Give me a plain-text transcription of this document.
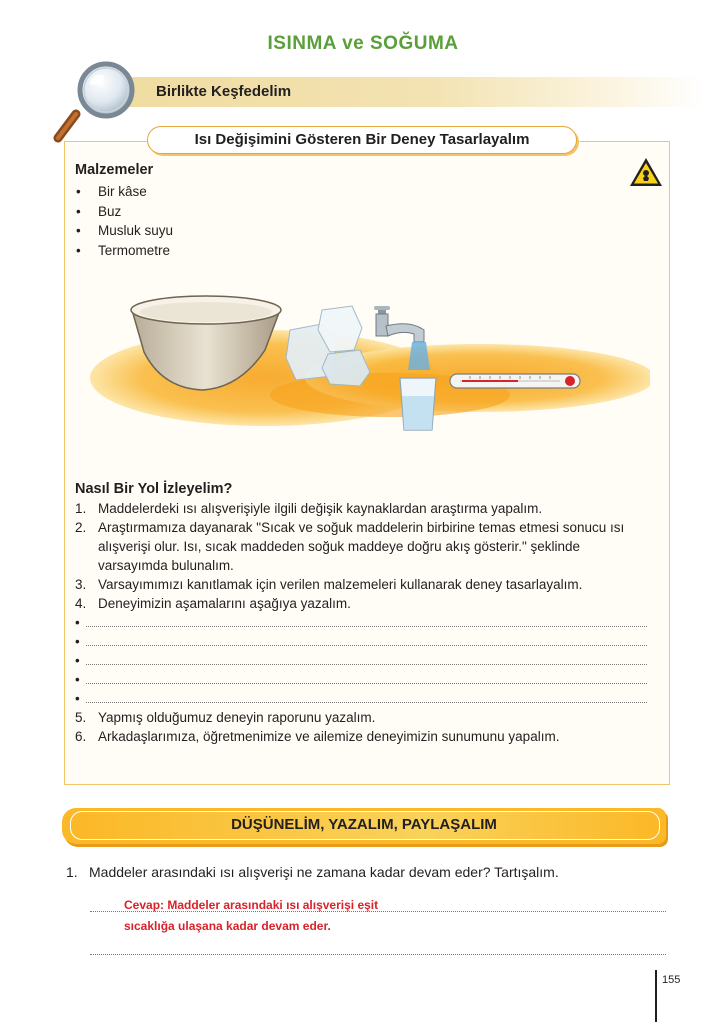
ISINMA ve SOĞUMA
Birlikte Keşfedelim
Isı Değişimini Gösteren Bir Deney Tasarlayalım
Malzemeler
• Bir kâse
• Buz
• Musluk suyu
• Termometre
Nasıl Bir Yol İzleyelim?
1. Maddelerdeki ısı alışverişiyle ilgili değişik kaynaklardan araştırma yapalım.
2. Araştırmamıza dayanarak "Sıcak ve soğuk maddelerin birbirine temas etmesi sonucu ısı alışverişi olur. Isı, sıcak maddeden soğuk maddeye doğru akış gösterir." şeklinde varsayımda bulunalım.
3. Varsayımımızı kanıtlamak için verilen malzemeleri kullanarak deney tasarlayalım.
4. Deneyimizin aşamalarını aşağıya yazalım.
•
•
•
•
•
5. Yapmış olduğumuz deneyin raporunu yazalım.
6. Arkadaşlarımıza, öğretmenimize ve ailemize deneyimizin sunumunu yapalım.
DÜŞÜNELİM, YAZALIM, PAYLAŞALIM
1. Maddeler arasındaki ısı alışverişi ne zamana kadar devam eder? Tartışalım.
Cevap: Maddeler arasındaki ısı alışverişi eşit
sıcaklığa ulaşana kadar devam eder.
155
